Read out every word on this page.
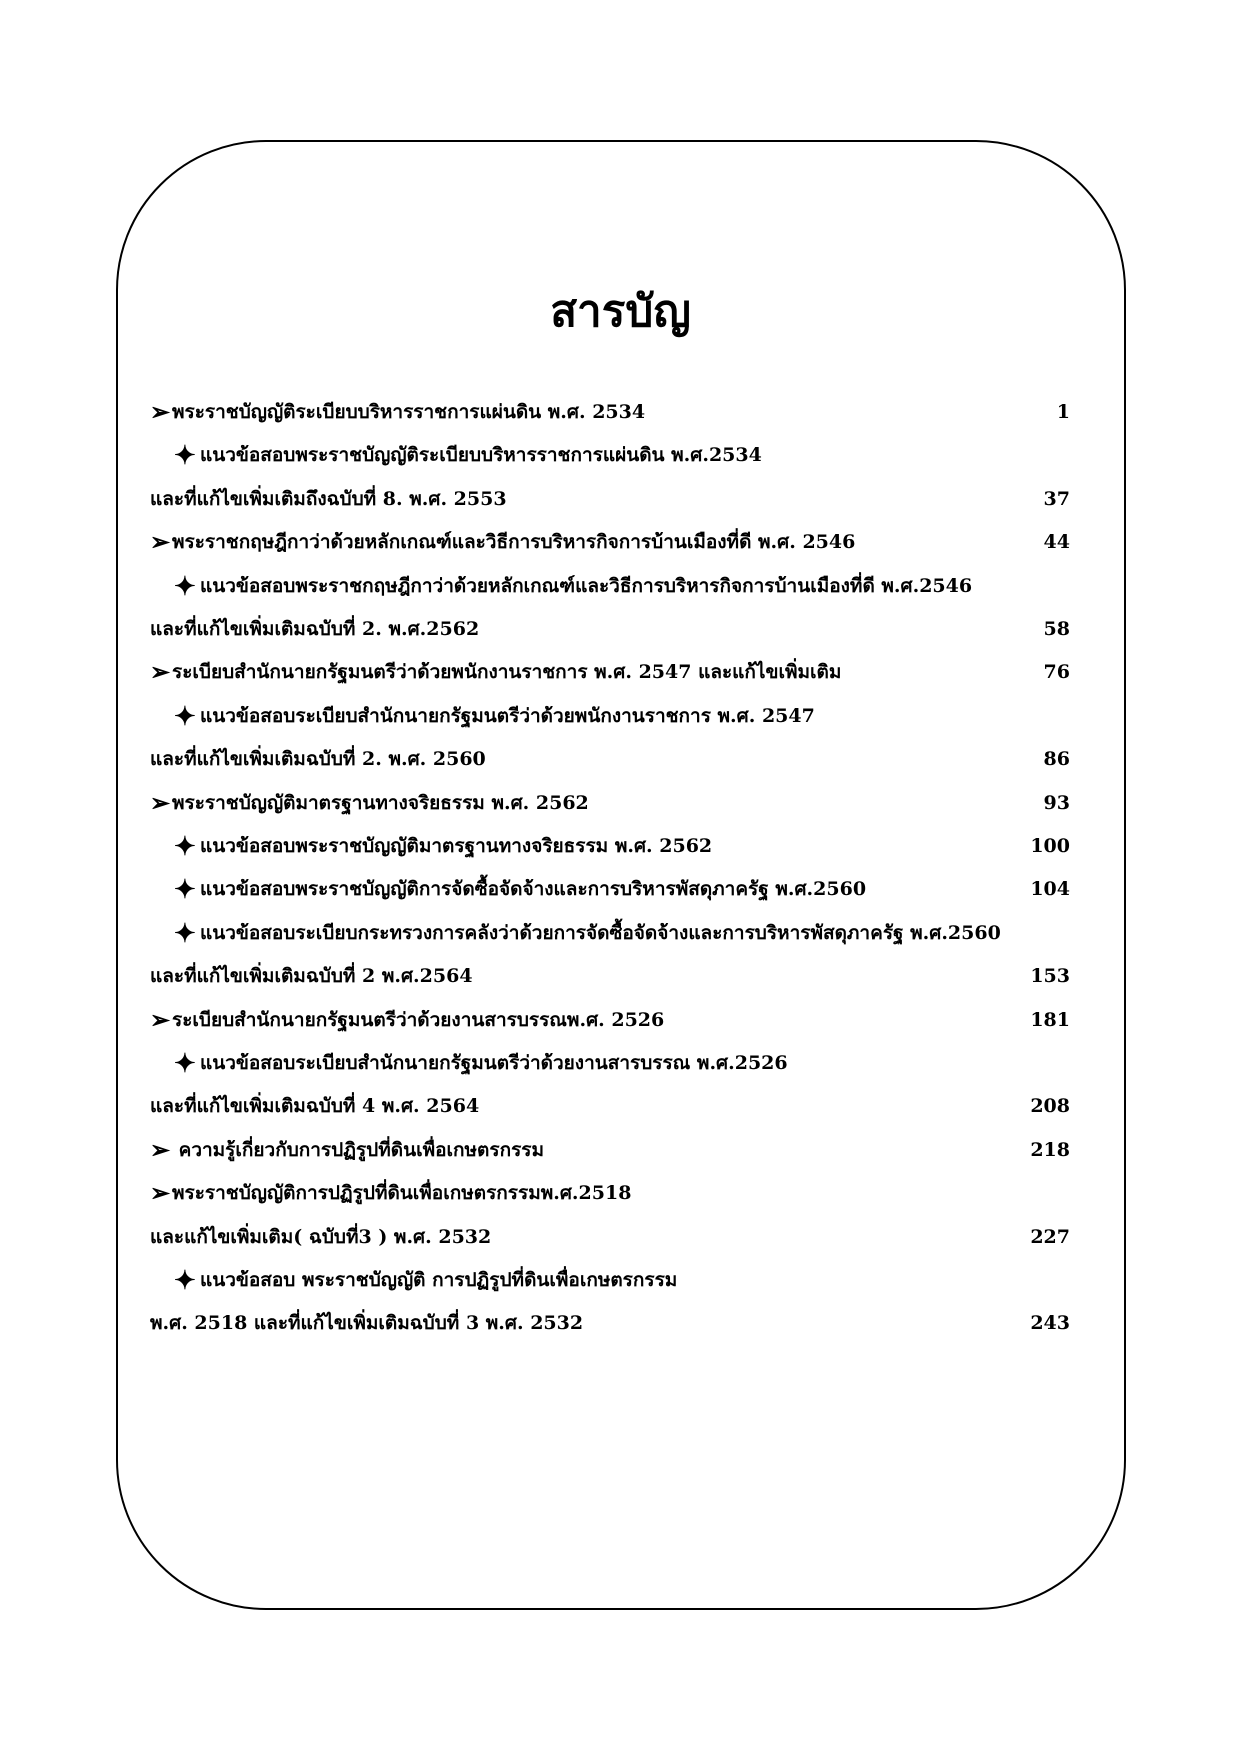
สารบัญ
➢พระราชบัญญัติระเบียบบริหารราชการแผ่นดิน พ.ศ. 2534	1
✦ แนวข้อสอบพระราชบัญญัติระเบียบบริหารราชการแผ่นดิน พ.ศ.2534
และที่แก้ไขเพิ่มเติมถึงฉบับที่ 8. พ.ศ. 2553	37
➢พระราชกฤษฎีกาว่าด้วยหลักเกณฑ์และวิธีการบริหารกิจการบ้านเมืองที่ดี พ.ศ. 2546	44
✦ แนวข้อสอบพระราชกฤษฎีกาว่าด้วยหลักเกณฑ์และวิธีการบริหารกิจการบ้านเมืองที่ดี พ.ศ.2546
และที่แก้ไขเพิ่มเติมฉบับที่ 2. พ.ศ.2562	58
➢ระเบียบสำนักนายกรัฐมนตรีว่าด้วยพนักงานราชการ พ.ศ. 2547 และแก้ไขเพิ่มเติม	76
✦ แนวข้อสอบระเบียบสำนักนายกรัฐมนตรีว่าด้วยพนักงานราชการ พ.ศ. 2547
และที่แก้ไขเพิ่มเติมฉบับที่ 2. พ.ศ. 2560	86
➢พระราชบัญญัติมาตรฐานทางจริยธรรม พ.ศ. 2562	93
✦ แนวข้อสอบพระราชบัญญัติมาตรฐานทางจริยธรรม พ.ศ. 2562	100
✦ แนวข้อสอบพระราชบัญญัติการจัดซื้อจัดจ้างและการบริหารพัสดุภาครัฐ พ.ศ.2560	104
✦ แนวข้อสอบระเบียบกระทรวงการคลังว่าด้วยการจัดซื้อจัดจ้างและการบริหารพัสดุภาครัฐ พ.ศ.2560
และที่แก้ไขเพิ่มเติมฉบับที่ 2 พ.ศ.2564	153
➢ระเบียบสำนักนายกรัฐมนตรีว่าด้วยงานสารบรรณพ.ศ. 2526	181
✦ แนวข้อสอบระเบียบสำนักนายกรัฐมนตรีว่าด้วยงานสารบรรณ พ.ศ.2526
และที่แก้ไขเพิ่มเติมฉบับที่ 4 พ.ศ. 2564	208
➢ ความรู้เกี่ยวกับการปฏิรูปที่ดินเพื่อเกษตรกรรม	218
➢พระราชบัญญัติการปฏิรูปที่ดินเพื่อเกษตรกรรมพ.ศ.2518
และแก้ไขเพิ่มเติม( ฉบับที่3 ) พ.ศ. 2532	227
✦ แนวข้อสอบ พระราชบัญญัติ การปฏิรูปที่ดินเพื่อเกษตรกรรม
พ.ศ. 2518 และที่แก้ไขเพิ่มเติมฉบับที่ 3 พ.ศ. 2532	243
